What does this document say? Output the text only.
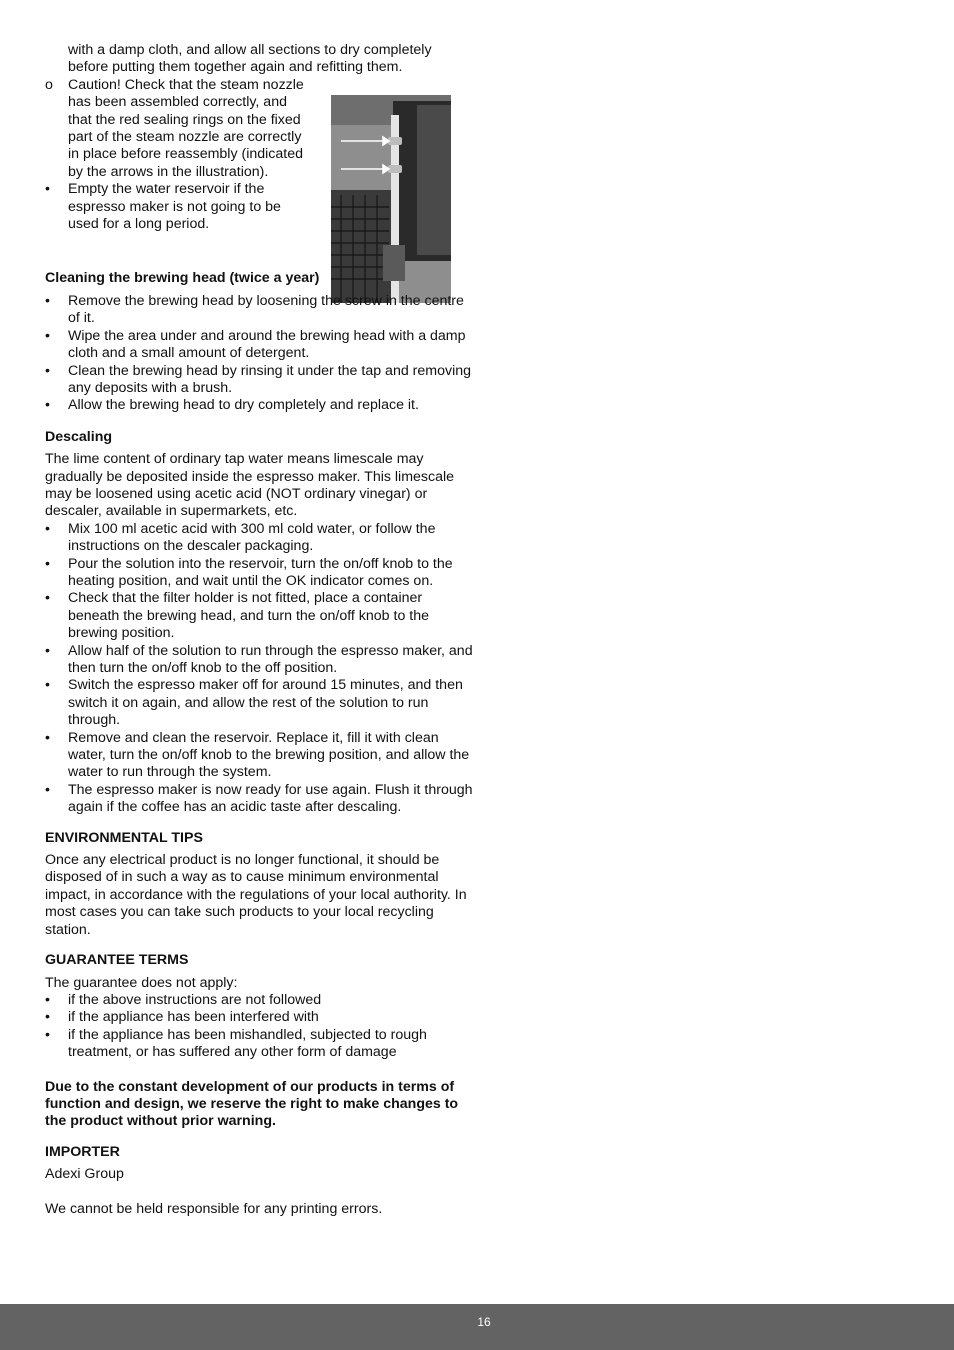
with a damp cloth, and allow all sections to dry completely before putting them together again and refitting them.

o Caution! Check that the steam nozzle has been assembled correctly, and that the red sealing rings on the fixed part of the steam nozzle are correctly in place before reassembly (indicated by the arrows in the illustration).
• Empty the water reservoir if the espresso maker is not going to be used for a long period.

Cleaning the brewing head (twice a year)

• Remove the brewing head by loosening the screw in the centre of it.
• Wipe the area under and around the brewing head with a damp cloth and a small amount of detergent.
• Clean the brewing head by rinsing it under the tap and removing any deposits with a brush.
• Allow the brewing head to dry completely and replace it.

Descaling

The lime content of ordinary tap water means limescale may gradually be deposited inside the espresso maker. This limescale may be loosened using acetic acid (NOT ordinary vinegar) or descaler, available in supermarkets, etc.

• Mix 100 ml acetic acid with 300 ml cold water, or follow the instructions on the descaler packaging.
• Pour the solution into the reservoir, turn the on/off knob to the heating position, and wait until the OK indicator comes on.
• Check that the filter holder is not fitted, place a container beneath the brewing head, and turn the on/off knob to the brewing position.
• Allow half of the solution to run through the espresso maker, and then turn the on/off knob to the off position.
• Switch the espresso maker off for around 15 minutes, and then switch it on again, and allow the rest of the solution to run through.
• Remove and clean the reservoir. Replace it, fill it with clean water, turn the on/off knob to the brewing position, and allow the water to run through the system.
• The espresso maker is now ready for use again. Flush it through again if the coffee has an acidic taste after descaling.

ENVIRONMENTAL TIPS

Once any electrical product is no longer functional, it should be disposed of in such a way as to cause minimum environmental impact, in accordance with the regulations of your local authority. In most cases you can take such products to your local recycling station.

GUARANTEE TERMS

The guarantee does not apply:

• if the above instructions are not followed
• if the appliance has been interfered with
• if the appliance has been mishandled, subjected to rough treatment, or has suffered any other form of damage

Due to the constant development of our products in terms of function and design, we reserve the right to make changes to the product without prior warning.

IMPORTER

Adexi Group

We cannot be held responsible for any printing errors.

16
